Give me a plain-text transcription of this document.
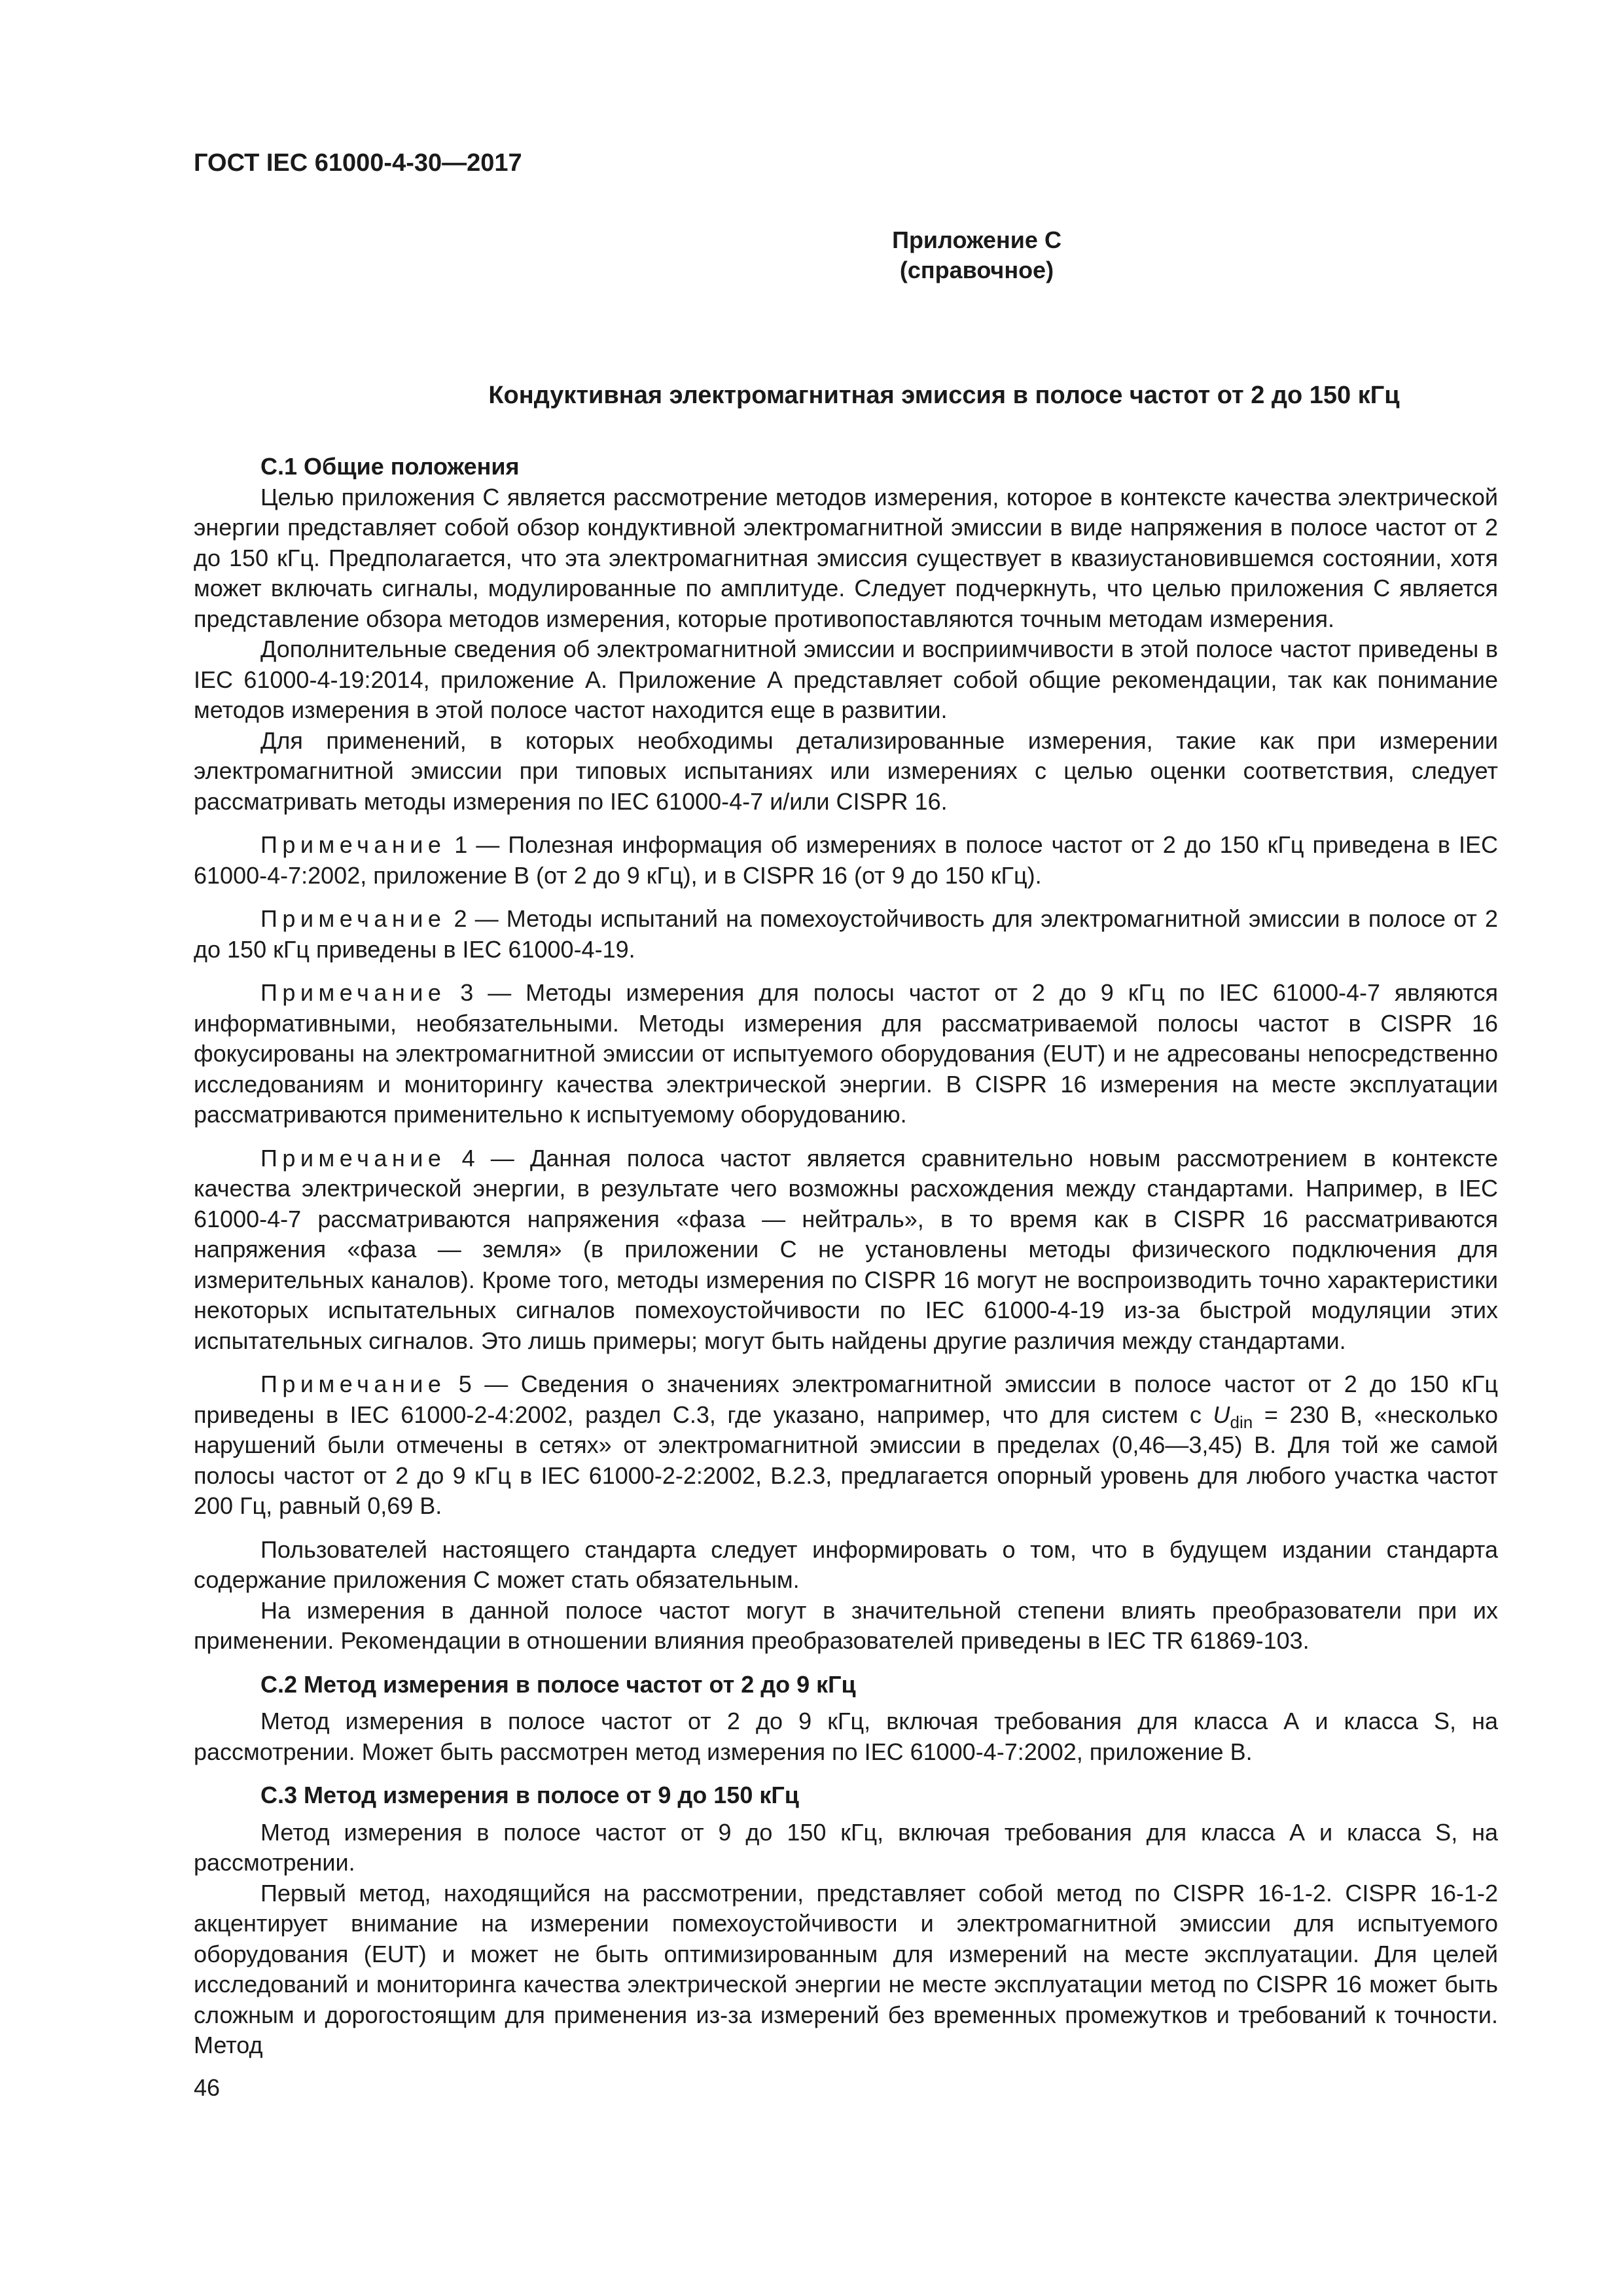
ГОСТ IEC 61000-4-30—2017
Приложение С
(справочное)
Кондуктивная электромагнитная эмиссия в полосе частот от 2 до 150 кГц
С.1 Общие положения

Целью приложения С является рассмотрение методов измерения, которое в контексте качества электрической энергии представляет собой обзор кондуктивной электромагнитной эмиссии в виде напряжения в полосе частот от 2 до 150 кГц. Предполагается, что эта электромагнитная эмиссия существует в квазиустановившемся состоянии, хотя может включать сигналы, модулированные по амплитуде. Следует подчеркнуть, что целью приложения С является представление обзора методов измерения, которые противопоставляются точным методам измерения.

Дополнительные сведения об электромагнитной эмиссии и восприимчивости в этой полосе частот приведены в IEC 61000-4-19:2014, приложение А. Приложение А представляет собой общие рекомендации, так как понимание методов измерения в этой полосе частот находится еще в развитии.

Для применений, в которых необходимы детализированные измерения, такие как при измерении электромагнитной эмиссии при типовых испытаниях или измерениях с целью оценки соответствия, следует рассматривать методы измерения по IEC 61000-4-7 и/или CISPR 16.

Примечание 1 — Полезная информация об измерениях в полосе частот от 2 до 150 кГц приведена в IEC 61000-4-7:2002, приложение В (от 2 до 9 кГц), и в CISPR 16 (от 9 до 150 кГц).

Примечание 2 — Методы испытаний на помехоустойчивость для электромагнитной эмиссии в полосе от 2 до 150 кГц приведены в IEC 61000-4-19.

Примечание 3 — Методы измерения для полосы частот от 2 до 9 кГц по IEC 61000-4-7 являются информативными, необязательными. Методы измерения для рассматриваемой полосы частот в CISPR 16 фокусированы на электромагнитной эмиссии от испытуемого оборудования (EUT) и не адресованы непосредственно исследованиям и мониторингу качества электрической энергии. В CISPR 16 измерения на месте эксплуатации рассматриваются применительно к испытуемому оборудованию.

Примечание 4 — Данная полоса частот является сравнительно новым рассмотрением в контексте качества электрической энергии, в результате чего возможны расхождения между стандартами. Например, в IEC 61000-4-7 рассматриваются напряжения «фаза — нейтраль», в то время как в CISPR 16 рассматриваются напряжения «фаза — земля» (в приложении С не установлены методы физического подключения для измерительных каналов). Кроме того, методы измерения по CISPR 16 могут не воспроизводить точно характеристики некоторых испытательных сигналов помехоустойчивости по IEC 61000-4-19 из-за быстрой модуляции этих испытательных сигналов. Это лишь примеры; могут быть найдены другие различия между стандартами.

Примечание 5 — Сведения о значениях электромагнитной эмиссии в полосе частот от 2 до 150 кГц приведены в IEC 61000-2-4:2002, раздел С.3, где указано, например, что для систем с $U_{din} = 230$ В, «несколько нарушений были отмечены в сетях» от электромагнитной эмиссии в пределах (0,46—3,45) В. Для той же самой полосы частот от 2 до 9 кГц в IEC 61000-2-2:2002, В.2.3, предлагается опорный уровень для любого участка частот 200 Гц, равный 0,69 В.

Пользователей настоящего стандарта следует информировать о том, что в будущем издании стандарта содержание приложения С может стать обязательным.

На измерения в данной полосе частот могут в значительной степени влиять преобразователи при их применении. Рекомендации в отношении влияния преобразователей приведены в IEC TR 61869-103.

С.2 Метод измерения в полосе частот от 2 до 9 кГц

Метод измерения в полосе частот от 2 до 9 кГц, включая требования для класса А и класса S, на рассмотрении. Может быть рассмотрен метод измерения по IEC 61000-4-7:2002, приложение В.

С.3 Метод измерения в полосе от 9 до 150 кГц

Метод измерения в полосе частот от 9 до 150 кГц, включая требования для класса А и класса S, на рассмотрении.

Первый метод, находящийся на рассмотрении, представляет собой метод по CISPR 16-1-2. CISPR 16-1-2 акцентирует внимание на измерении помехоустойчивости и электромагнитной эмиссии для испытуемого оборудования (EUT) и может не быть оптимизированным для измерений на месте эксплуатации. Для целей исследований и мониторинга качества электрической энергии не месте эксплуатации метод по CISPR 16 может быть сложным и дорогостоящим для применения из-за измерений без временных промежутков и требований к точности. Метод

46
